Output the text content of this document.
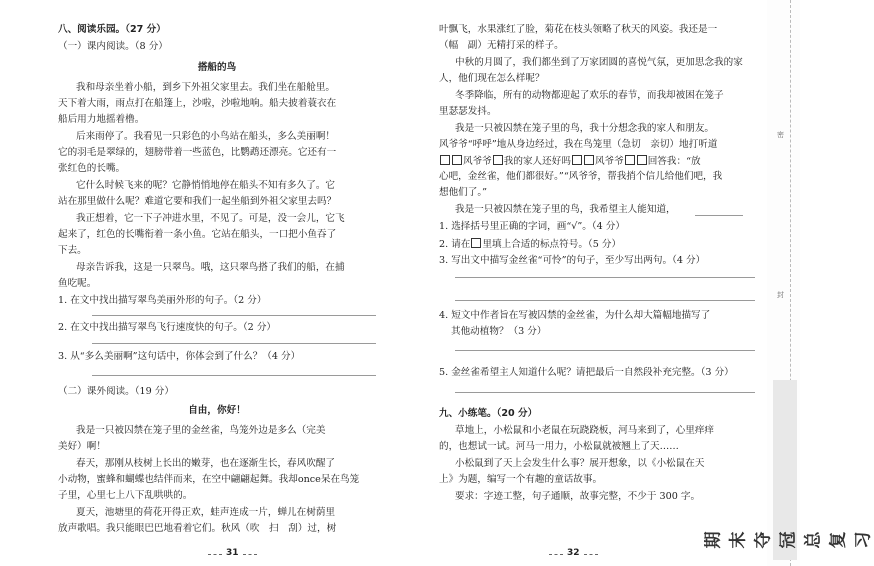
八、阅读乐园。（27 分）
（一）课内阅读。（8 分）
搭船的鸟
我和母亲坐着小船，到乡下外祖父家里去。我们坐在船舱里。
天下着大雨，雨点打在船篷上，沙啦，沙啦地响。船夫披着蓑衣在
船后用力地摇着橹。
后来雨停了。我看见一只彩色的小鸟站在船头，多么美丽啊！
它的羽毛是翠绿的，翅膀带着一些蓝色，比鹦鹉还漂亮。它还有一
张红色的长嘴。
它什么时候飞来的呢？它静悄悄地停在船头不知有多久了。它
站在那里做什么呢？难道它要和我们一起坐船到外祖父家里去吗？
我正想着，它一下子冲进水里，不见了。可是，没一会儿，它飞
起来了，红色的长嘴衔着一条小鱼。它站在船头，一口把小鱼吞了
下去。
母亲告诉我，这是一只翠鸟。哦，这只翠鸟搭了我们的船，在捕
鱼吃呢。
1. 在文中找出描写翠鸟美丽外形的句子。（2 分）
2. 在文中找出描写翠鸟飞行速度快的句子。（2 分）
3. 从“多么美丽啊”这句话中，你体会到了什么？（4 分）
（二）课外阅读。（19 分）
自由，你好！
我是一只被囚禁在笼子里的金丝雀，鸟笼外边是多么（完美
美好）啊！
春天，那刚从枝树上长出的嫩芽，也在逐渐生长，春风吹醒了
小动物，蜜蜂和蝴蝶也结伴而来，在空中翩翩起舞。我却once呆在鸟笼
子里，心里七上八下乱哄哄的。
夏天，池塘里的荷花开得正欢，蛙声连成一片，蝉儿在树荫里
放声歌唱。我只能眼巴巴地看着它们。秋风（吹　扫　刮）过，树
31
叶飘飞，水果涨红了脸，菊花在枝头领略了秋天的风姿。我还是一
（幅　副）无精打采的样子。
中秋的月圆了，我们都坐到了万家团圆的喜悦气氛，更加思念我的家
人，他们现在怎么样呢？
冬季降临，所有的动物都迎起了欢乐的春节，而我却被困在笼子
里瑟瑟发抖。
我是一只被囚禁在笼子里的鸟，我十分想念我的家人和朋友。
风爷爷“呼呼”地从身边经过，我在鸟笼里（急切　亲切）地打听道
风爷爷 我的家人还好吗	风爷爷	回答我：“放
心吧，金丝雀，他们都很好。”“风爷爷，帮我捎个信儿给他们吧，我
想他们了。”
我是一只被囚禁在笼子里的鸟，我希望主人能知道，
1. 选择括号里正确的字词，画“√”。（4 分）
2. 请在 里填上合适的标点符号。（5 分）
3. 写出文中描写金丝雀“可怜”的句子，至少写出两句。（4 分）
4. 短文中作者旨在写被囚禁的金丝雀，为什么却大篇幅地描写了
其他动植物？（3 分）
5. 金丝雀希望主人知道什么呢？请把最后一自然段补充完整。（3 分）
九、小练笔。（20 分）
草地上，小松鼠和小老鼠在玩跷跷板，河马来到了，心里痒痒
的，也想试一试。河马一用力，小松鼠就被翘上了天……
小松鼠到了天上会发生什么事？展开想象，以《小松鼠在天
上》为题，编写一个有趣的童话故事。
要求：字迹工整，句子通顺，故事完整，不少于 300 字。
32
密
封
期末夺冠总复习
